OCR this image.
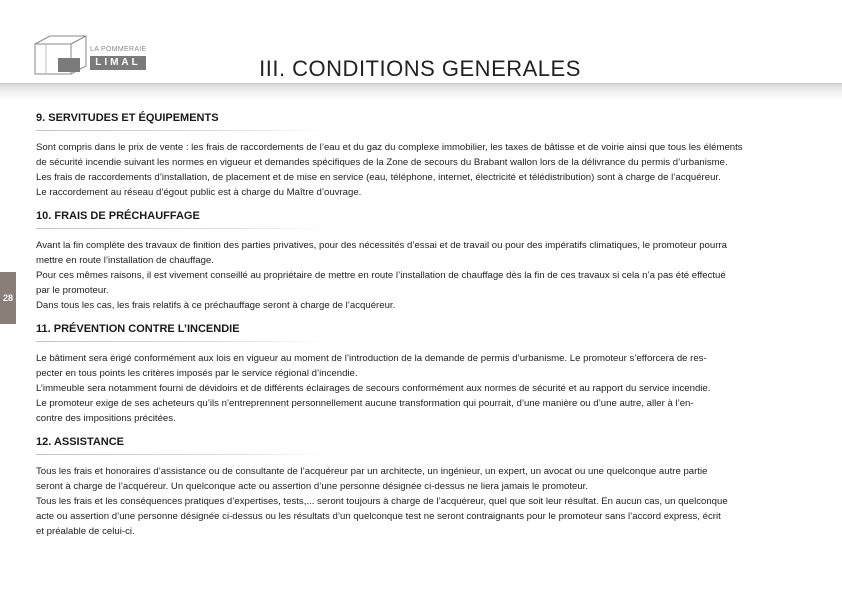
LA POMMERAIE
LIMAL	III. CONDITIONS GENERALES
28
9. SERVITUDES ET ÉQUIPEMENTS

Sont compris dans le prix de vente : les frais de raccordements de l’eau et du gaz du complexe immobilier, les taxes de bâtisse et de voirie ainsi que tous les éléments

de sécurité incendie suivant les normes en vigueur et demandes spécifiques de la Zone de secours du Brabant wallon lors de la délivrance du permis d’urbanisme.

Les frais de raccordements d’installation, de placement et de mise en service (eau, téléphone, internet, électricité et télédistribution) sont à charge de l’acquéreur.

Le raccordement au réseau d’égout public est à charge du Maître d’ouvrage.

10. FRAIS DE PRÉCHAUFFAGE

Avant la fin complète des travaux de finition des parties privatives, pour des nécessités d’essai et de travail ou pour des impératifs climatiques, le promoteur pourra

mettre en route l’installation de chauffage.

Pour ces mêmes raisons, il est vivement conseillé au propriétaire de mettre en route l’installation de chauffage dès la fin de ces travaux si cela n’a pas été effectué

par le promoteur.

Dans tous les cas, les frais relatifs à ce préchauffage seront à charge de l’acquéreur.

11. PRÉVENTION CONTRE L’INCENDIE

Le bâtiment sera érigé conformément aux lois en vigueur au moment de l’introduction de la demande de permis d’urbanisme. Le promoteur s’efforcera de res-

pecter en tous points les critères imposés par le service régional d’incendie.

L’immeuble sera notamment fourni de dévidoirs et de différents éclairages de secours conformément aux normes de sécurité et au rapport du service incendie.

Le promoteur exige de ses acheteurs qu’ils n’entreprennent personnellement aucune transformation qui pourrait, d’une manière ou d’une autre, aller à l’en-

contre des impositions précitées.

12. ASSISTANCE

Tous les frais et honoraires d’assistance ou de consultante de l’acquéreur par un architecte, un ingénieur, un expert, un avocat ou une quelconque autre partie

seront à charge de l’acquéreur. Un quelconque acte ou assertion d’une personne désignée ci-dessus ne liera jamais le promoteur.

Tous les frais et les conséquences pratiques d’expertises, tests,... seront toujours à charge de l’acquéreur, quel que soit leur résultat. En aucun cas, un quelconque

acte ou assertion d’une personne désignée ci-dessus ou les résultats d’un quelconque test ne seront contraignants pour le promoteur sans l’accord express, écrit

et préalable de celui-ci.
